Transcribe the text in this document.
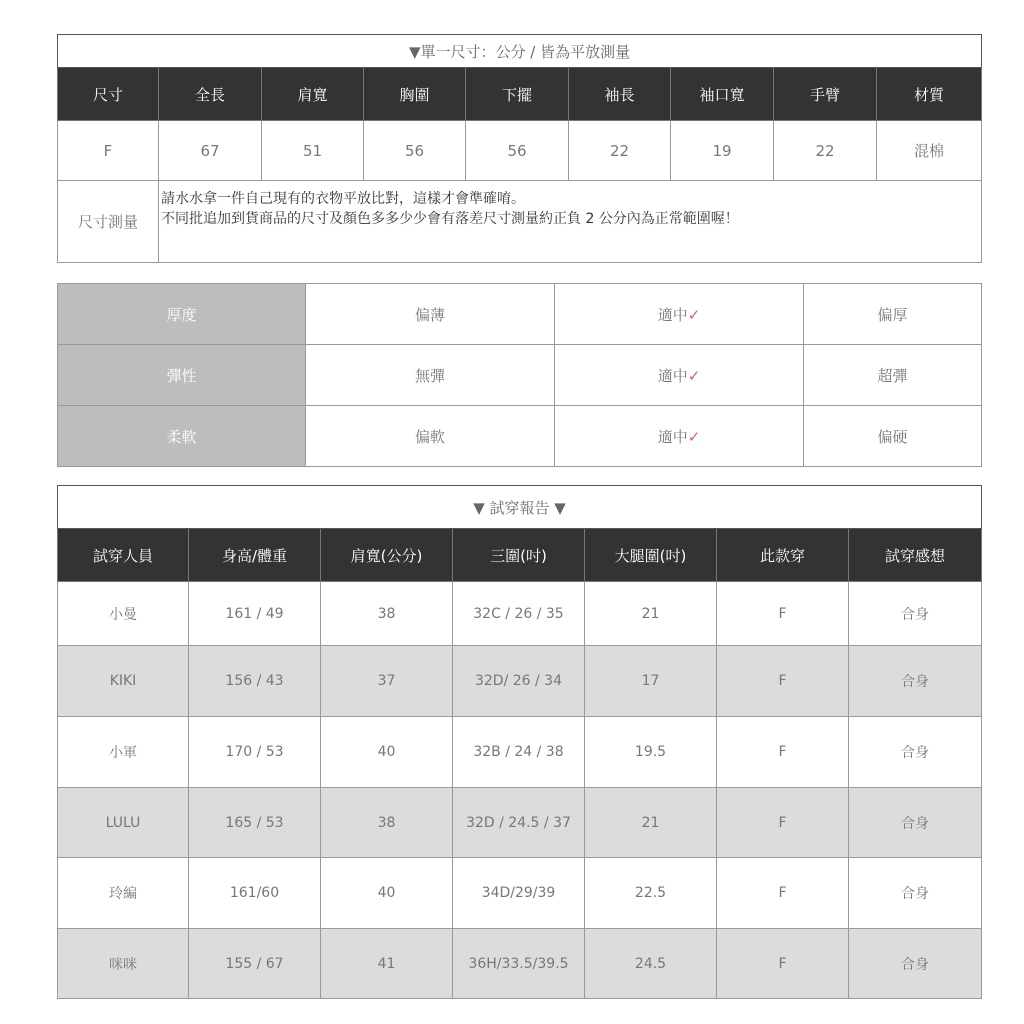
▼單一尺寸：公分 / 皆為平放測量								
尺寸	全長	肩寬	胸圍	下擺	袖長	袖口寬	手臂	材質
F	67	51	56	56	22	19	22	混棉
尺寸測量	請水水拿一件自己現有的衣物平放比對，這樣才會準確唷。
不同批追加到貨商品的尺寸及顏色多多少少會有落差尺寸測量約正負 2 公分內為正常範圍喔！							
厚度	偏薄	適中✓	偏厚
彈性	無彈	適中✓	超彈
柔軟	偏軟	適中✓	偏硬
▼ 試穿報告 ▼						
試穿人員	身高/體重	肩寬(公分)	三圍(吋)	大腿圍(吋)	此款穿	試穿感想
小曼	161 / 49	38	32C / 26 / 35	21	F	合身
KIKI	156 / 43	37	32D/ 26 / 34	17	F	合身
小軍	170 / 53	40	32B / 24 / 38	19.5	F	合身
LULU	165 / 53	38	32D / 24.5 / 37	21	F	合身
玲編	161/60	40	34D/29/39	22.5	F	合身
咪咪	155 / 67	41	36H/33.5/39.5	24.5	F	合身
